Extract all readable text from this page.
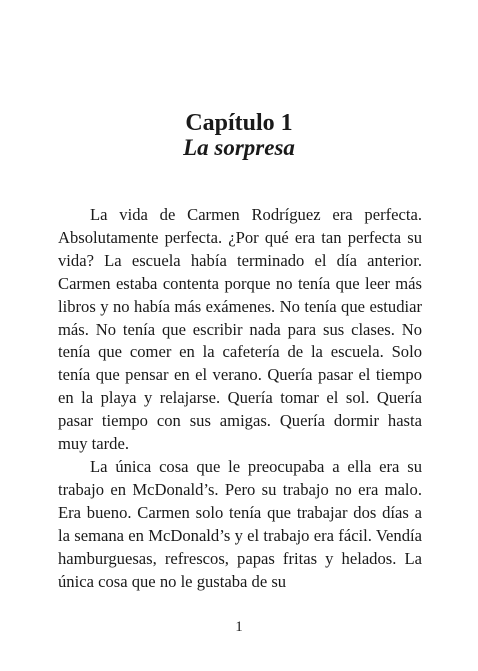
Capítulo 1
La sorpresa

La vida de Carmen Rodríguez era perfecta. Absolutamente perfecta. ¿Por qué era tan perfecta su vida? La escuela había terminado el día anterior. Carmen estaba contenta porque no tenía que leer más libros y no había más exámenes. No tenía que estudiar más. No tenía que escribir nada para sus clases. No tenía que comer en la cafetería de la escuela. Solo tenía que pensar en el verano. Quería pasar el tiempo en la playa y relajarse. Quería tomar el sol. Quería pasar tiempo con sus amigas. Quería dormir hasta muy tarde.

La única cosa que le preocupaba a ella era su trabajo en McDonald’s. Pero su trabajo no era malo. Era bueno. Carmen solo tenía que trabajar dos días a la semana en McDonald’s y el trabajo era fácil. Vendía hamburguesas, refrescos, papas fritas y helados. La única cosa que no le gustaba de su

1
